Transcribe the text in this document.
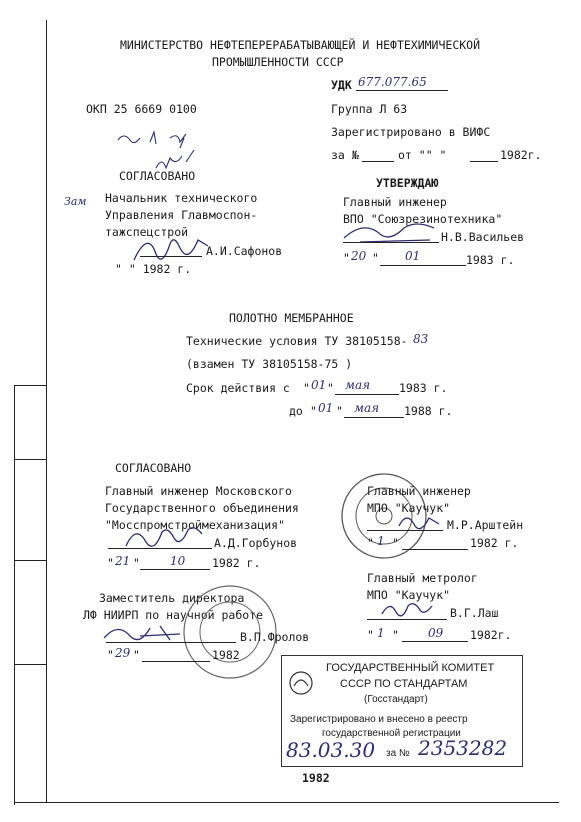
МИНИСТЕРСТВО НЕФТЕПЕРЕРАБАТЫВАЮЩЕЙ И НЕФТЕХИМИЧЕСКОЙ
ПРОМЫШЛЕННОСТИ СССР
УДК 677.077.65
ОКП 25 6669 0100	Группа Л 63
Зарегистрировано в ВИФС
за №	от "" "	1982г.
СОГЛАСОВАНО
Зам Начальник технического
Управления Главмоспон-
тажспецстрой
А.И.Сафонов
" " 1982 г.
УТВЕРЖДАЮ
Главный инженер
ВПО "Союзрезинотехника"
Н.В.Васильев
" 20 " 01	1983 г.
ПОЛОТНО МЕМБРАННОЕ
Технические условия ТУ 38105158- 83
(взамен ТУ 38105158-75 )
Срок действия с " 01 " мая	1983 г.
до " 01 " мая 1988 г.
СОГЛАСОВАНО
Главный инженер Московского
Государственного объединения
"Мосспромстроймеханизация"
А.Д.Горбунов
" 21 "	10 1982 г.
Главный инженер
МПО "Каучук"
М.Р.Арштейн
" 1 "	1982 г.
Главный метролог
МПО "Каучук"
В.Г.Лаш
" 1 " 09 1982г.
Заместитель директора
ЛФ НИИРП по научной работе
В.П.Фролов
" 29 "	1982
ГОСУДАРСТВЕННЫЙ КОМИТЕТ
СССР ПО СТАНДАРТАМ
(Госстандарт)
Зарегистрировано и внесено в реестр
государственной регистрации
83.03.30 за № 2353282
1982
